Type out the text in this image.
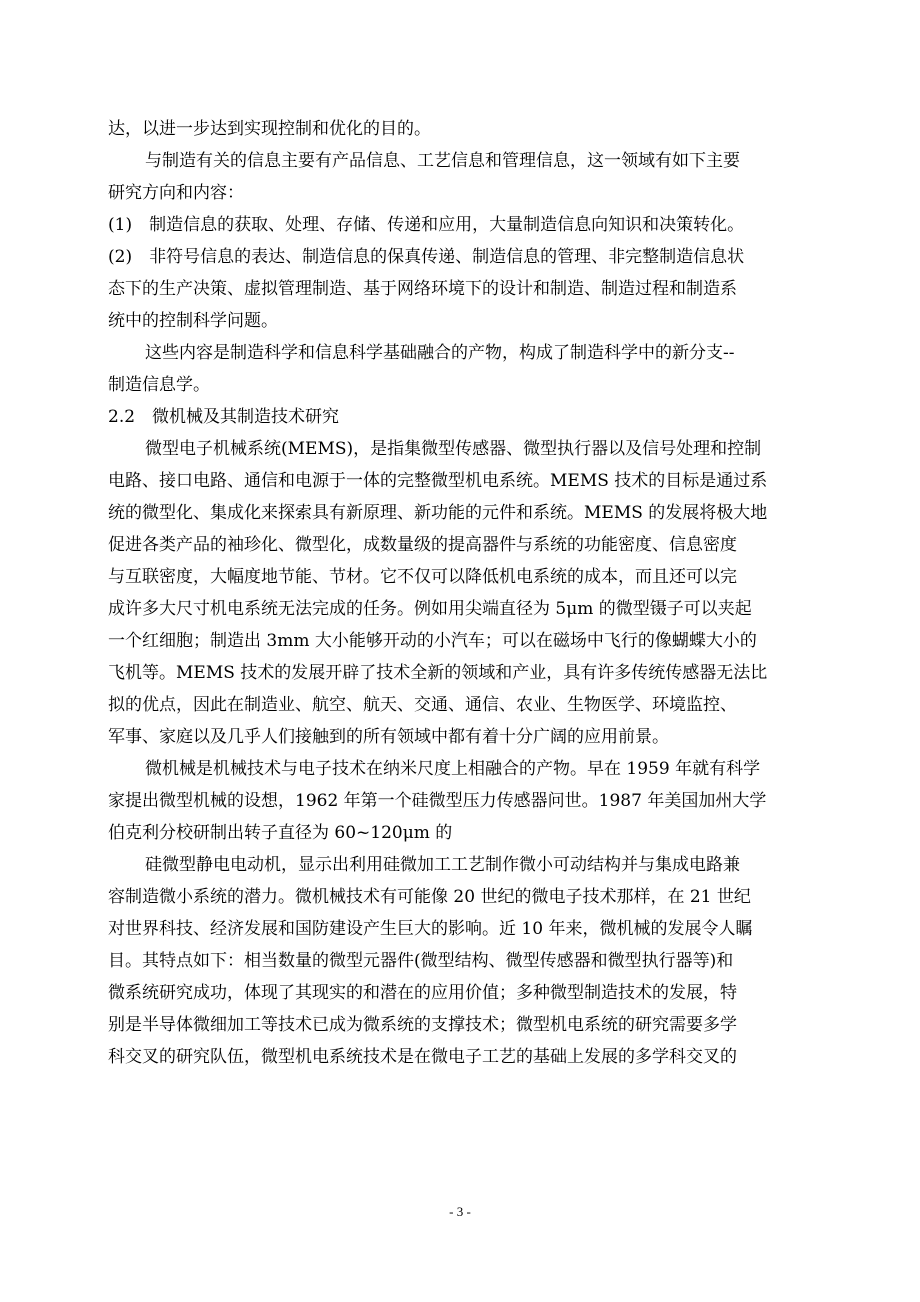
达，以进一步达到实现控制和优化的目的。
与制造有关的信息主要有产品信息、工艺信息和管理信息，这一领域有如下主要
研究方向和内容：
(1)　制造信息的获取、处理、存储、传递和应用，大量制造信息向知识和决策转化。
(2)　非符号信息的表达、制造信息的保真传递、制造信息的管理、非完整制造信息状
态下的生产决策、虚拟管理制造、基于网络环境下的设计和制造、制造过程和制造系
统中的控制科学问题。
这些内容是制造科学和信息科学基础融合的产物，构成了制造科学中的新分支--
制造信息学。
2.2　微机械及其制造技术研究
微型电子机械系统(MEMS)，是指集微型传感器、微型执行器以及信号处理和控制
电路、接口电路、通信和电源于一体的完整微型机电系统。MEMS 技术的目标是通过系
统的微型化、集成化来探索具有新原理、新功能的元件和系统。MEMS 的发展将极大地
促进各类产品的袖珍化、微型化，成数量级的提高器件与系统的功能密度、信息密度
与互联密度，大幅度地节能、节材。它不仅可以降低机电系统的成本，而且还可以完
成许多大尺寸机电系统无法完成的任务。例如用尖端直径为 5μm 的微型镊子可以夹起
一个红细胞；制造出 3mm 大小能够开动的小汽车；可以在磁场中飞行的像蝴蝶大小的
飞机等。MEMS 技术的发展开辟了技术全新的领域和产业，具有许多传统传感器无法比
拟的优点，因此在制造业、航空、航天、交通、通信、农业、生物医学、环境监控、
军事、家庭以及几乎人们接触到的所有领域中都有着十分广阔的应用前景。
微机械是机械技术与电子技术在纳米尺度上相融合的产物。早在 1959 年就有科学
家提出微型机械的设想，1962 年第一个硅微型压力传感器问世。1987 年美国加州大学
伯克利分校研制出转子直径为 60~120μm 的
硅微型静电电动机，显示出利用硅微加工工艺制作微小可动结构并与集成电路兼
容制造微小系统的潜力。微机械技术有可能像 20 世纪的微电子技术那样，在 21 世纪
对世界科技、经济发展和国防建设产生巨大的影响。近 10 年来，微机械的发展令人瞩
目。其特点如下：相当数量的微型元器件(微型结构、微型传感器和微型执行器等)和
微系统研究成功，体现了其现实的和潜在的应用价值；多种微型制造技术的发展，特
别是半导体微细加工等技术已成为微系统的支撑技术；微型机电系统的研究需要多学
科交叉的研究队伍，微型机电系统技术是在微电子工艺的基础上发展的多学科交叉的
- 3 -
